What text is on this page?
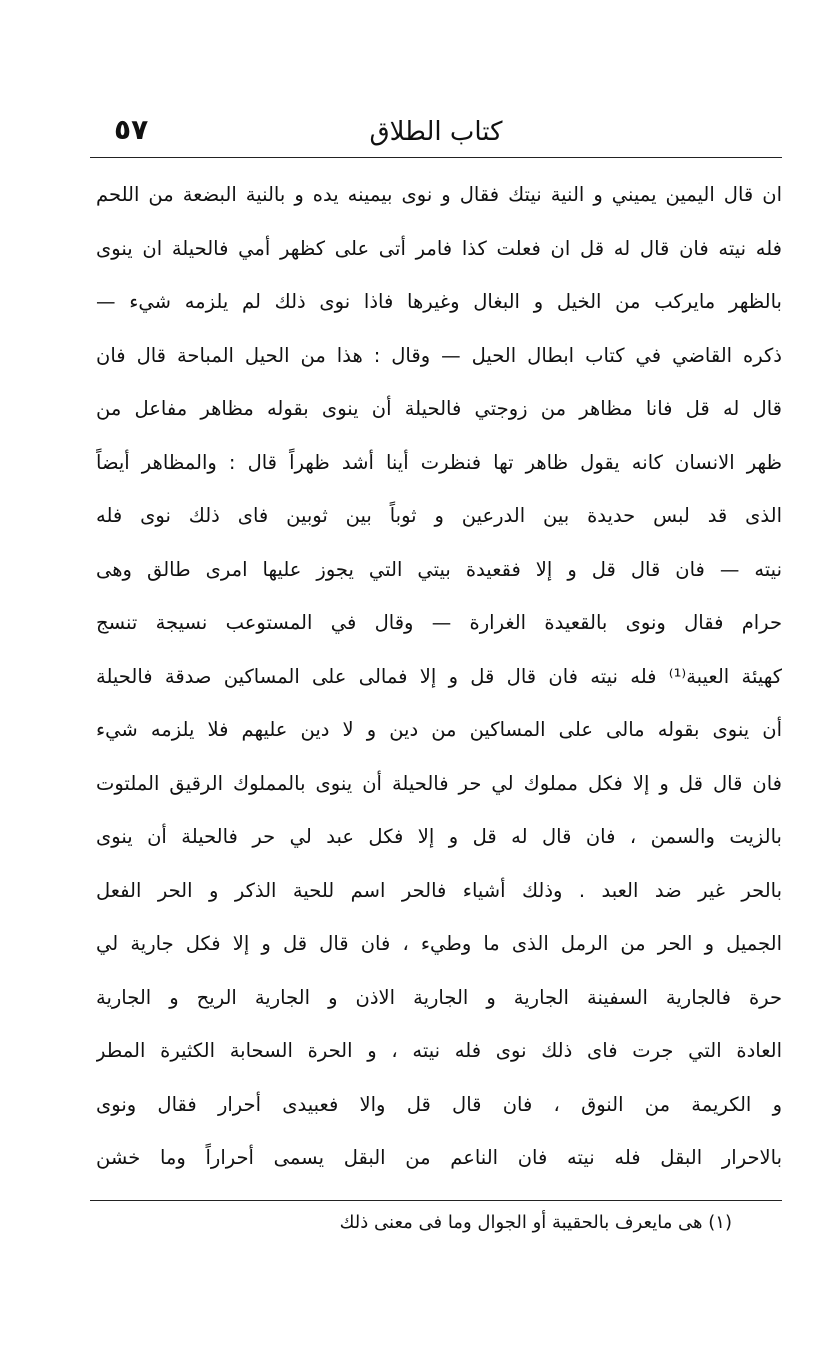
كتاب الطلاق
٥٧
ان قال اليمين يميني و النية نيتك فقال و نوى بيمينه يده و بالنية البضعة من اللحم
فله نيته فان قال له قل ان فعلت كذا فامر أتى على كظهر أمي فالحيلة ان ينوى
بالظهر مايركب من الخيل و البغال وغيرها فاذا نوى ذلك لم يلزمه شيء —
ذكره القاضي في كتاب ابطال الحيل — وقال : هذا من الحيل المباحة قال فان
قال له قل فانا مظاهر من زوجتي فالحيلة أن ينوى بقوله مظاهر مفاعل من
ظهر الانسان كانه يقول ظاهر تها فنظرت أينا أشد ظهراً قال : والمظاهر أيضاً
الذى قد لبس حديدة بين الدرعين و ثوباً بين ثوبين فاى ذلك نوى فله
نيته — فان قال قل و إلا فقعيدة بيتي التي يجوز عليها امرى طالق وهى
حرام فقال ونوى بالقعيدة الغرارة — وقال في المستوعب نسيجة تنسج
كهيئة العيبة⁽¹⁾ فله نيته فان قال قل و إلا فمالى على المساكين صدقة فالحيلة
أن ينوى بقوله مالى على المساكين من دين و لا دين عليهم فلا يلزمه شيء
فان قال قل و إلا فكل مملوك لي حر فالحيلة أن ينوى بالمملوك الرقيق الملتوت
بالزيت والسمن ، فان قال له قل و إلا فكل عبد لي حر فالحيلة أن ينوى
بالحر غير ضد العبد . وذلك أشياء فالحر اسم للحية الذكر و الحر الفعل
الجميل و الحر من الرمل الذى ما وطيء ، فان قال قل و إلا فكل جارية لي
حرة فالجارية السفينة الجارية و الجارية الاذن و الجارية الريح و الجارية
العادة التي جرت فاى ذلك نوى فله نيته ، و الحرة السحابة الكثيرة المطر
و الكريمة من النوق ، فان قال قل والا فعبيدى أحرار فقال ونوى
بالاحرار البقل فله نيته فان الناعم من البقل يسمى أحراراً وما خشن
(١) هى مايعرف بالحقيبة أو الجوال وما فى معنى ذلك
